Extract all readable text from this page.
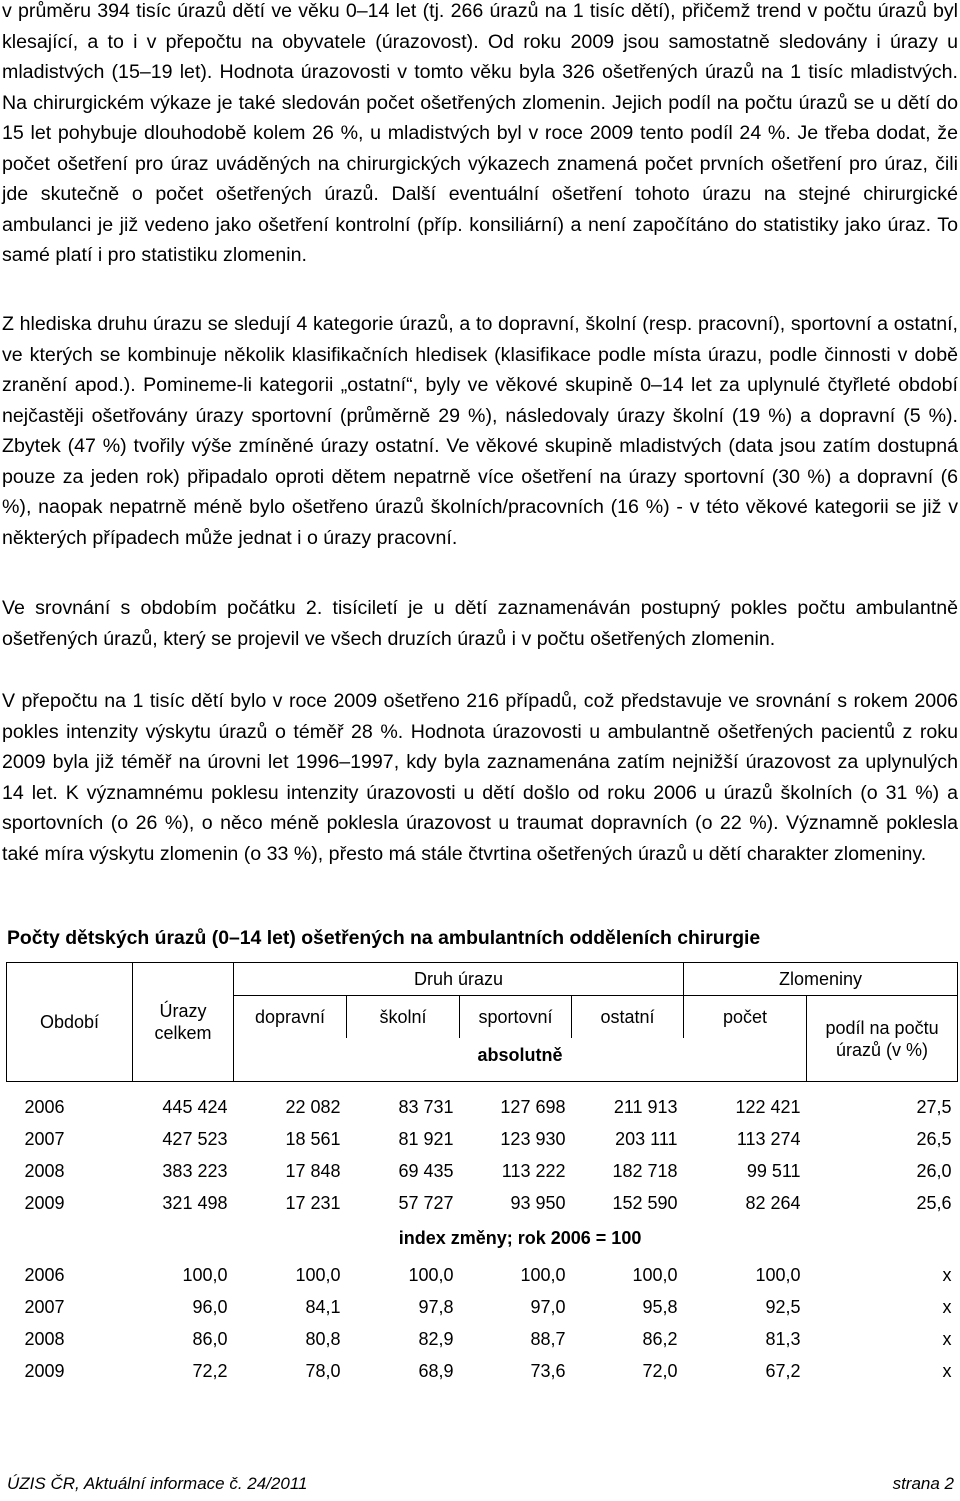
v průměru 394 tisíc úrazů dětí ve věku 0–14 let (tj. 266 úrazů na 1 tisíc dětí), přičemž trend v počtu úrazů byl klesající, a to i v přepočtu na obyvatele (úrazovost). Od roku 2009 jsou samostatně sledovány i úrazy u mladistvých (15–19 let). Hodnota úrazovosti v tomto věku byla 326 ošetřených úrazů na 1 tisíc mladistvých. Na chirurgickém výkaze je také sledován počet ošetřených zlomenin. Jejich podíl na počtu úrazů se u dětí do 15 let pohybuje dlouhodobě kolem 26 %, u mladistvých byl v roce 2009 tento podíl 24 %. Je třeba dodat, že počet ošetření pro úraz uváděných na chirurgických výkazech znamená počet prvních ošetření pro úraz, čili jde skutečně o počet ošetřených úrazů. Další eventuální ošetření tohoto úrazu na stejné chirurgické ambulanci je již vedeno jako ošetření kontrolní (příp. konsiliární) a není započítáno do statistiky jako úraz. To samé platí i pro statistiku zlomenin.

Z hlediska druhu úrazu se sledují 4 kategorie úrazů, a to dopravní, školní (resp. pracovní), sportovní a ostatní, ve kterých se kombinuje několik klasifikačních hledisek (klasifikace podle místa úrazu, podle činnosti v době zranění apod.). Pomineme-li kategorii „ostatní“, byly ve věkové skupině 0–14 let za uplynulé čtyřleté období nejčastěji ošetřovány úrazy sportovní (průměrně 29 %), následovaly úrazy školní (19 %) a dopravní (5 %). Zbytek (47 %) tvořily výše zmíněné úrazy ostatní. Ve věkové skupině mladistvých (data jsou zatím dostupná pouze za jeden rok) připadalo oproti dětem nepatrně více ošetření na úrazy sportovní (30 %) a dopravní (6 %), naopak nepatrně méně bylo ošetřeno úrazů školních/pracovních (16 %) - v této věkové kategorii se již v některých případech může jednat i o úrazy pracovní.

Ve srovnání s obdobím počátku 2. tisíciletí je u dětí zaznamenáván postupný pokles počtu ambulantně ošetřených úrazů, který se projevil ve všech druzích úrazů i v počtu ošetřených zlomenin.

V přepočtu na 1 tisíc dětí bylo v roce 2009 ošetřeno 216 případů, což představuje ve srovnání s rokem 2006 pokles intenzity výskytu úrazů o téměř 28 %. Hodnota úrazovosti u ambulantně ošetřených pacientů z roku 2009 byla již téměř na úrovni let 1996–1997, kdy byla zaznamenána zatím nejnižší úrazovost za uplynulých 14 let. K významnému poklesu intenzity úrazovosti u dětí došlo od roku 2006 u úrazů školních (o 31 %) a sportovních (o 26 %), o něco méně poklesla úrazovost u traumat dopravních (o 22 %). Významně poklesla také míra výskytu zlomenin (o 33 %), přesto má stále čtvrtina ošetřených úrazů u dětí charakter zlomeniny.

Počty dětských úrazů (0–14 let) ošetřených na ambulantních odděleních chirurgie

Období	Úrazy celkem	Druh úrazu				Zlomeniny	
		dopravní	školní	sportovní	ostatní	počet	podíl na počtu úrazů (v %)
		absolutně					

2006	445 424	22 082	83 731	127 698	211 913	122 421	27,5
2007	427 523	18 561	81 921	123 930	203 111	113 274	26,5
2008	383 223	17 848	69 435	113 222	182 718	99 511	26,0
2009	321 498	17 231	57 727	93 950	152 590	82 264	25,6
		index změny; rok 2006 = 100					

2006	100,0	100,0	100,0	100,0	100,0	100,0	x
2007	96,0	84,1	97,8	97,0	95,8	92,5	x
2008	86,0	80,8	82,9	88,7	86,2	81,3	x
2009	72,2	78,0	68,9	73,6	72,0	67,2	x
ÚZIS ČR, Aktuální informace č. 24/2011	strana 2
